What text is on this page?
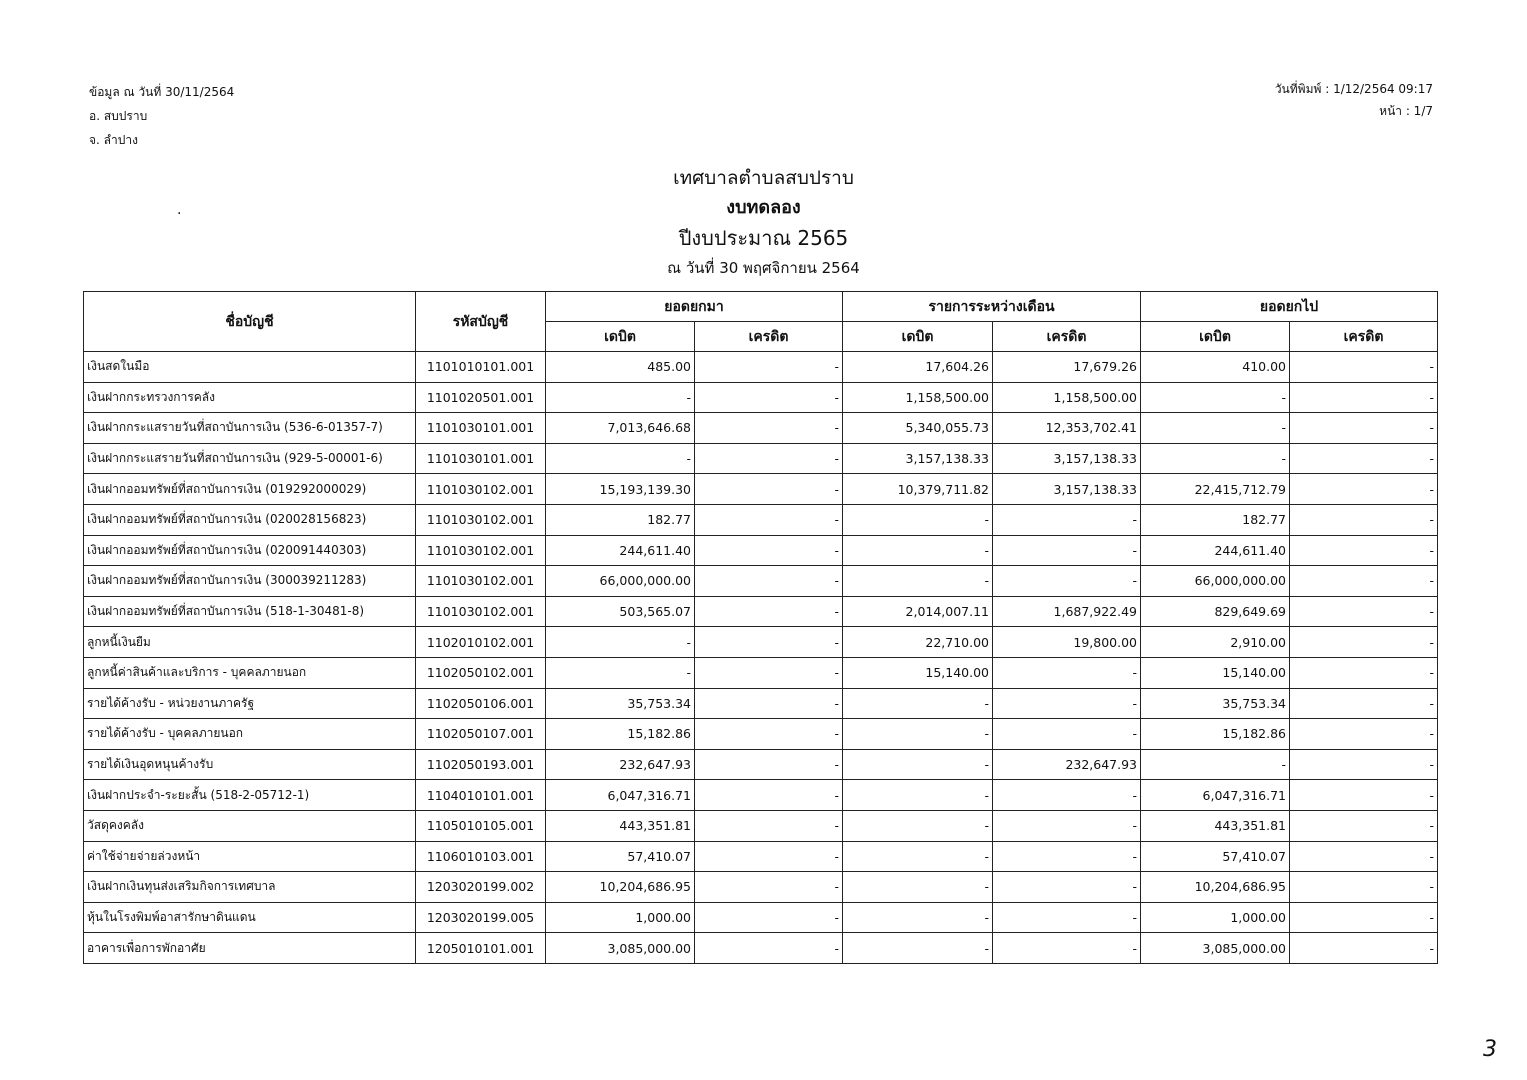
ข้อมูล ณ วันที่ 30/11/2564
อ. สบปราบ
จ. ลำปาง
วันที่พิมพ์ : 1/12/2564 09:17
หน้า : 1/7
·
เทศบาลตำบลสบปราบ
งบทดลอง
ปีงบประมาณ 2565
ณ วันที่ 30 พฤศจิกายน 2564
ชื่อบัญชี	รหัสบัญชี	ยอดยกมา		รายการระหว่างเดือน		ยอดยกไป	
		เดบิต	เครดิต	เดบิต	เครดิต	เดบิต	เครดิต
เงินสดในมือ	1101010101.001	485.00	-	17,604.26	17,679.26	410.00	-
เงินฝากกระทรวงการคลัง	1101020501.001	-	-	1,158,500.00	1,158,500.00	-	-
เงินฝากกระแสรายวันที่สถาบันการเงิน (536-6-01357-7)	1101030101.001	7,013,646.68	-	5,340,055.73	12,353,702.41	-	-
เงินฝากกระแสรายวันที่สถาบันการเงิน (929-5-00001-6)	1101030101.001	-	-	3,157,138.33	3,157,138.33	-	-
เงินฝากออมทรัพย์ที่สถาบันการเงิน (019292000029)	1101030102.001	15,193,139.30	-	10,379,711.82	3,157,138.33	22,415,712.79	-
เงินฝากออมทรัพย์ที่สถาบันการเงิน (020028156823)	1101030102.001	182.77	-	-	-	182.77	-
เงินฝากออมทรัพย์ที่สถาบันการเงิน (020091440303)	1101030102.001	244,611.40	-	-	-	244,611.40	-
เงินฝากออมทรัพย์ที่สถาบันการเงิน (300039211283)	1101030102.001	66,000,000.00	-	-	-	66,000,000.00	-
เงินฝากออมทรัพย์ที่สถาบันการเงิน (518-1-30481-8)	1101030102.001	503,565.07	-	2,014,007.11	1,687,922.49	829,649.69	-
ลูกหนี้เงินยืม	1102010102.001	-	-	22,710.00	19,800.00	2,910.00	-
ลูกหนี้ค่าสินค้าและบริการ - บุคคลภายนอก	1102050102.001	-	-	15,140.00	-	15,140.00	-
รายได้ค้างรับ - หน่วยงานภาครัฐ	1102050106.001	35,753.34	-	-	-	35,753.34	-
รายได้ค้างรับ - บุคคลภายนอก	1102050107.001	15,182.86	-	-	-	15,182.86	-
รายได้เงินอุดหนุนค้างรับ	1102050193.001	232,647.93	-	-	232,647.93	-	-
เงินฝากประจำ-ระยะสั้น (518-2-05712-1)	1104010101.001	6,047,316.71	-	-	-	6,047,316.71	-
วัสดุคงคลัง	1105010105.001	443,351.81	-	-	-	443,351.81	-
ค่าใช้จ่ายจ่ายล่วงหน้า	1106010103.001	57,410.07	-	-	-	57,410.07	-
เงินฝากเงินทุนส่งเสริมกิจการเทศบาล	1203020199.002	10,204,686.95	-	-	-	10,204,686.95	-
หุ้นในโรงพิมพ์อาสารักษาดินแดน	1203020199.005	1,000.00	-	-	-	1,000.00	-
อาคารเพื่อการพักอาศัย	1205010101.001	3,085,000.00	-	-	-	3,085,000.00	-
3
